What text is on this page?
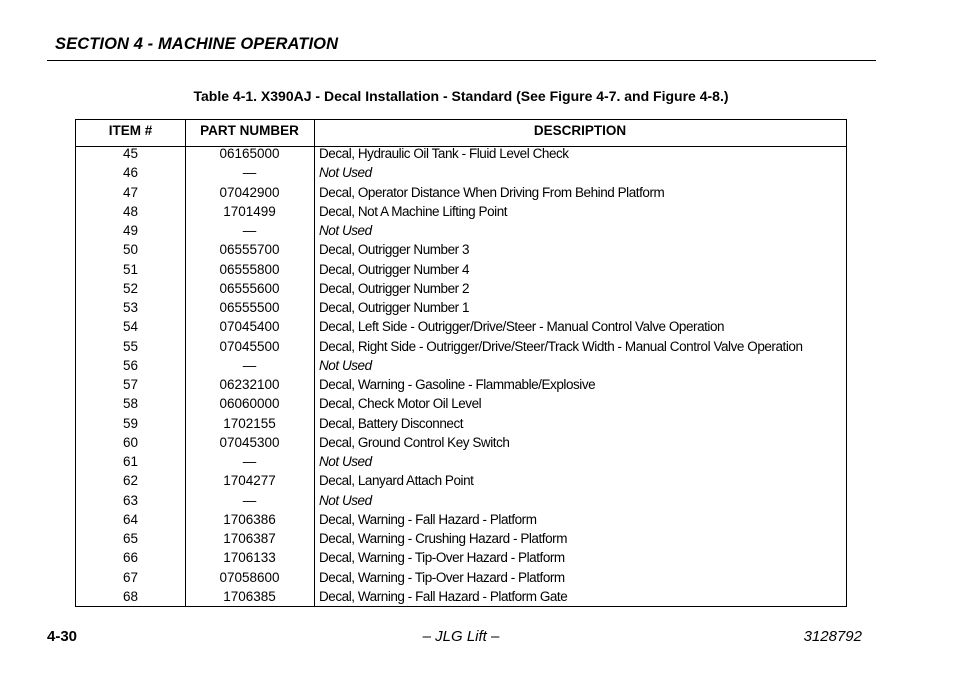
SECTION 4 - MACHINE OPERATION
Table 4-1. X390AJ - Decal Installation - Standard (See Figure 4-7. and Figure 4-8.)
ITEM #	PART NUMBER	DESCRIPTION
45	06165000	Decal, Hydraulic Oil Tank - Fluid Level Check
46	—	Not Used
47	07042900	Decal, Operator Distance When Driving From Behind Platform
48	1701499	Decal, Not A Machine Lifting Point
49	—	Not Used
50	06555700	Decal, Outrigger Number 3
51	06555800	Decal, Outrigger Number 4
52	06555600	Decal, Outrigger Number 2
53	06555500	Decal, Outrigger Number 1
54	07045400	Decal, Left Side - Outrigger/Drive/Steer - Manual Control Valve Operation
55	07045500	Decal, Right Side - Outrigger/Drive/Steer/Track Width - Manual Control Valve Operation
56	—	Not Used
57	06232100	Decal, Warning - Gasoline - Flammable/Explosive
58	06060000	Decal, Check Motor Oil Level
59	1702155	Decal, Battery Disconnect
60	07045300	Decal, Ground Control Key Switch
61	—	Not Used
62	1704277	Decal, Lanyard Attach Point
63	—	Not Used
64	1706386	Decal, Warning - Fall Hazard - Platform
65	1706387	Decal, Warning - Crushing Hazard - Platform
66	1706133	Decal, Warning - Tip-Over Hazard - Platform
67	07058600	Decal, Warning - Tip-Over Hazard - Platform
68	1706385	Decal, Warning - Fall Hazard - Platform Gate
4-30	– JLG Lift –	3128792
